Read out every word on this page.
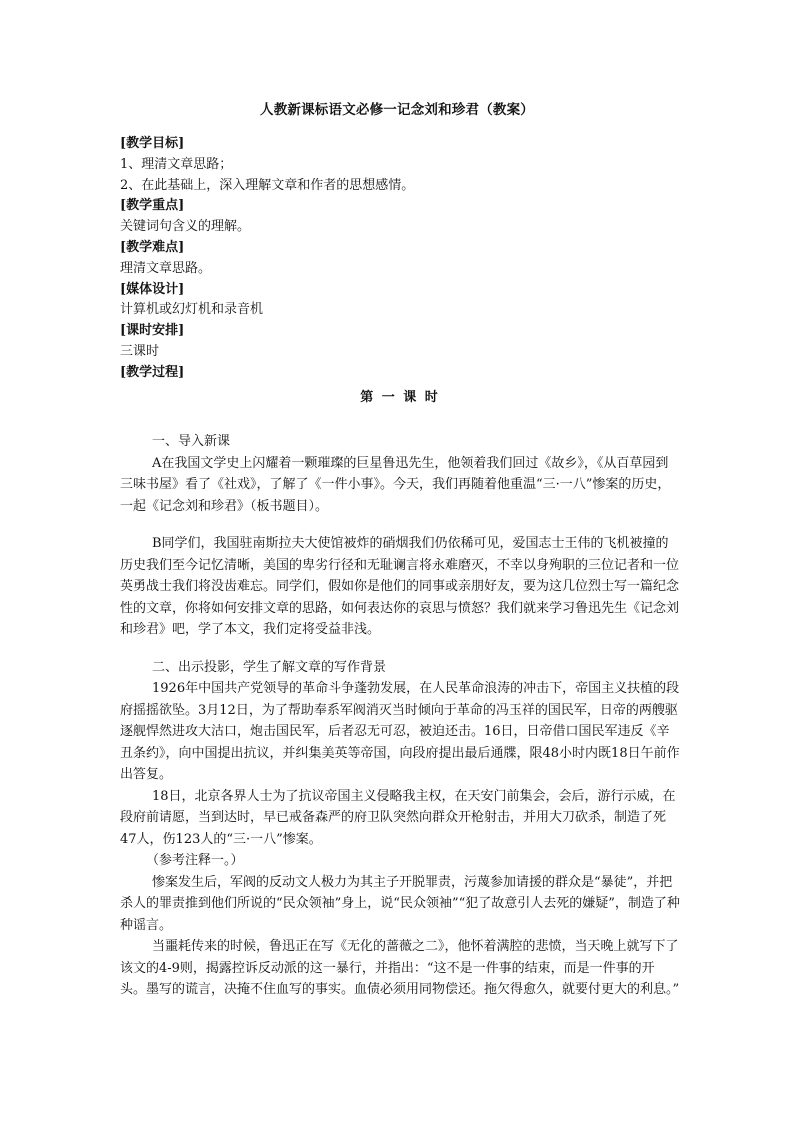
人教新课标语文必修一记念刘和珍君（教案）
[教学目标]
1、理清文章思路；
2、在此基础上，深入理解文章和作者的思想感情。
[教学重点]
关键词句含义的理解。
[教学难点]
理清文章思路。
[媒体设计]
计算机或幻灯机和录音机
[课时安排]
三课时
[教学过程]
第 一 课 时
一、导入新课
A在我国文学史上闪耀着一颗璀璨的巨星鲁迅先生，他领着我们回过《故乡》，《从百草园到三味书屋》看了《社戏》，了解了《一件小事》。今天，我们再随着他重温“三·一八”惨案的历史，一起《记念刘和珍君》（板书题目）。
B同学们，我国驻南斯拉夫大使馆被炸的硝烟我们仍依稀可见，爱国志士王伟的飞机被撞的历史我们至今记忆清晰，美国的卑劣行径和无耻谰言将永难磨灭，不幸以身殉职的三位记者和一位英勇战士我们将没齿难忘。同学们，假如你是他们的同事或亲朋好友，要为这几位烈士写一篇纪念性的文章，你将如何安排文章的思路，如何表达你的哀思与愤怒？我们就来学习鲁迅先生《记念刘和珍君》吧，学了本文，我们定将受益非浅。
二、出示投影，学生了解文章的写作背景
1926年中国共产党领导的革命斗争蓬勃发展，在人民革命浪涛的冲击下，帝国主义扶植的段府摇摇欲坠。3月12日，为了帮助奉系军阀消灭当时倾向于革命的冯玉祥的国民军，日帝的两艘驱逐舰悍然进攻大沽口，炮击国民军，后者忍无可忍，被迫还击。16日，日帝借口国民军违反《辛丑条约》，向中国提出抗议，并纠集美英等帝国，向段府提出最后通牒，限48小时内既18日午前作出答复。
18日，北京各界人士为了抗议帝国主义侵略我主权，在天安门前集会，会后，游行示威，在段府前请愿，当到达时，早已戒备森严的府卫队突然向群众开枪射击，并用大刀砍杀，制造了死47人，伤123人的“三·一八”惨案。
（参考注释一。）
惨案发生后，军阀的反动文人极力为其主子开脱罪责，污蔑参加请援的群众是“暴徒”，并把杀人的罪责推到他们所说的“民众领袖”身上，说“民众领袖”“犯了故意引人去死的嫌疑”，制造了种种谣言。
当噩耗传来的时候，鲁迅正在写《无化的蔷薇之二》，他怀着满腔的悲愤，当天晚上就写下了该文的4-9则，揭露控诉反动派的这一暴行，并指出：“这不是一件事的结束，而是一件事的开头。墨写的谎言，决掩不住血写的事实。血债必须用同物偿还。拖欠得愈久，就要付更大的利息。”
